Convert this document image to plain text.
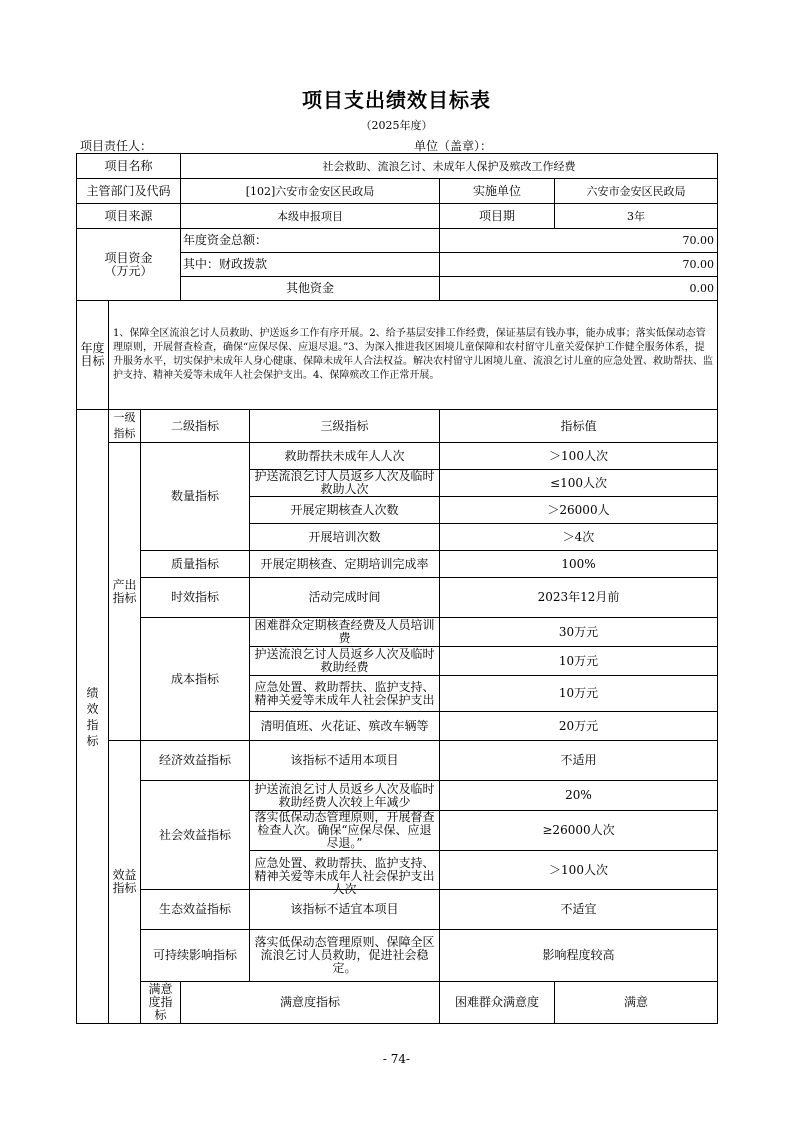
项目支出绩效目标表
（2025年度）
项目责任人：	单位（盖章）：
项目名称			社会救助、流浪乞讨、未成年人保护及殡改工作经费			
主管部门及代码			[102]六安市金安区民政局		实施单位	六安市金安区民政局
项目来源			本级申报项目		项目期	3年

项目资金
（万元）			年度资金总额：		70.00	
			其中：财政拨款		70.00	
			其他资金		0.00	

年度
目标	1、保障全区流浪乞讨人员救助、护送返乡工作有序开展。2、给予基层安排工作经费，保证基层有钱办事，能办成事；落实低保动态管理原则，开展督查检查，确保“应保尽保、应退尽退。”3、为深入推进我区困境儿童保障和农村留守儿童关爱保护工作健全服务体系，提升服务水平，切实保护未成年人身心健康、保障未成年人合法权益。解决农村留守儿困境儿童、流浪乞讨儿童的应急处置、救助帮扶、监护支持、精神关爱等未成年人社会保护支出。4、保障殡改工作正常开展。					

绩效指标	一级指标	二级指标		三级指标	指标值	

	产出指标	数量指标		救助帮扶未成年人人次	＞100人次	

				护送流浪乞讨人员返乡人次及临时救助人次	≤100人次	
				开展定期核查人次数	＞26000人	
				开展培训次数	＞4次	
		质量指标		开展定期核查、定期培训完成率	100%	
		时效指标		活动完成时间	2023年12月前	
		成本指标		困难群众定期核查经费及人员培训费	30万元	

				护送流浪乞讨人员返乡人次及临时救助经费	10万元	

				应急处置、救助帮扶、监护支持、精神关爱等未成年人社会保护支出	10万元	
				清明值班、火花证、殡改车辆等	20万元	

	效益指标	经济效益指标		该指标不适用本项目	不适用	
		社会效益指标		护送流浪乞讨人员返乡人次及临时救助经费人次较上年减少	20%	

				落实低保动态管理原则，开展督查检查人次。确保“应保尽保、应退尽退。”	≥26000人次	

				应急处置、救助帮扶、监护支持、精神关爱等未成年人社会保护支出人次	＞100人次	
		生态效益指标		该指标不适宜本项目	不适宜	
		可持续影响指标		落实低保动态管理原则、保障全区流浪乞讨人员救助，促进社会稳定。	影响程度较高	

		满意度指标	满意度指标		困难群众满意度	满意
- 74-
